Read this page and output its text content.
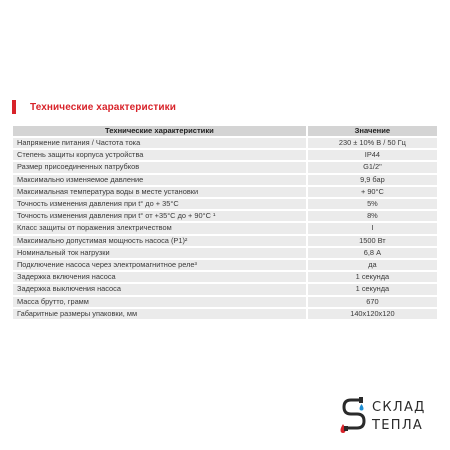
Технические характеристики
Технические характеристики	Значение
Напряжение питания / Частота тока	230 ± 10% В / 50 Гц
Степень защиты корпуса устройства	IP44
Размер присоединенных патрубков	G1/2"
Максимально изменяемое давление	9,9 бар
Максимальная температура воды в месте установки	+ 90°C
Точность изменения давления при t° до + 35°C	5%
Точность изменения давления при t° от +35°C до + 90°C ¹	8%
Класс защиты от поражения электричеством	I
Максимально допустимая мощность насоса (P1)²	1500 Вт
Номинальный ток нагрузки	6,8 А
Подключение насоса через электромагнитное реле³	да
Задержка включения насоса	1 секунда
Задержка выключения насоса	1 секунда
Масса брутто, грамм	670
Габаритные размеры упаковки, мм	140x120x120
СКЛАД
ТЕПЛА
